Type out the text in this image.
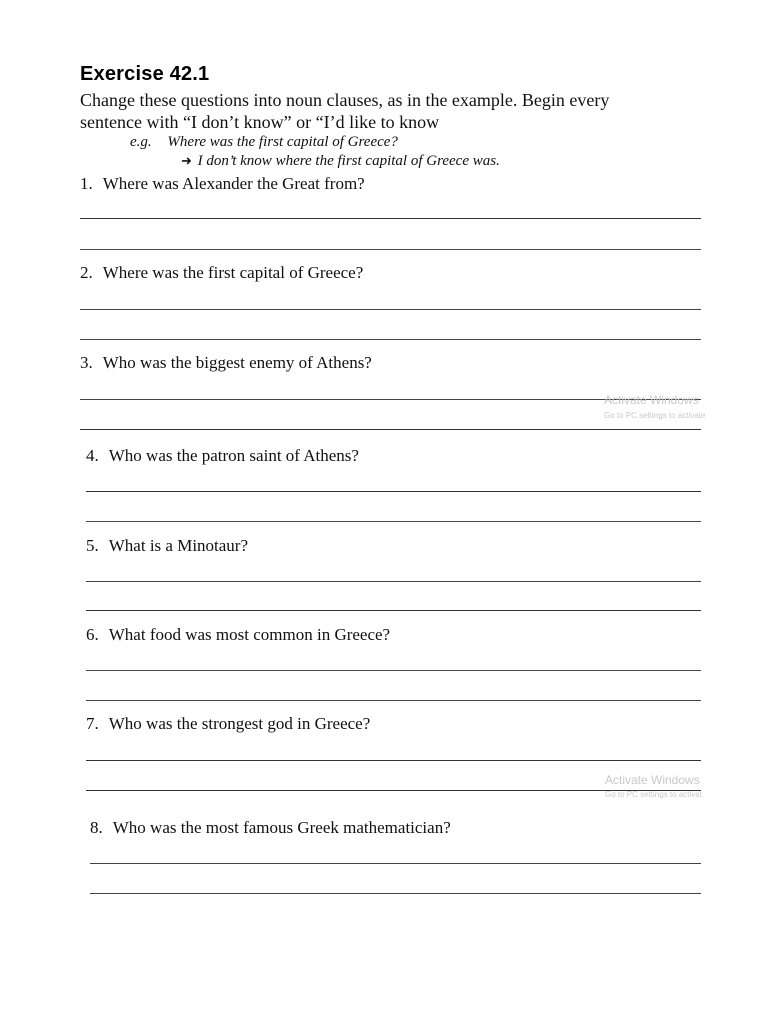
Exercise 42.1
Change these questions into noun clauses, as in the example. Begin every
sentence with “I don’t know” or “I’d like to know
e.g. Where was the first capital of Greece?
➜ I don’t know where the first capital of Greece was.
1. Where was Alexander the Great from?
2. Where was the first capital of Greece?
3. Who was the biggest enemy of Athens?
4. Who was the patron saint of Athens?
5. What is a Minotaur?
6. What food was most common in Greece?
7. Who was the strongest god in Greece?
8. Who was the most famous Greek mathematician?
Activate Windows
Go to PC settings to activate
Activate Windows
Go to PC settings to activat
